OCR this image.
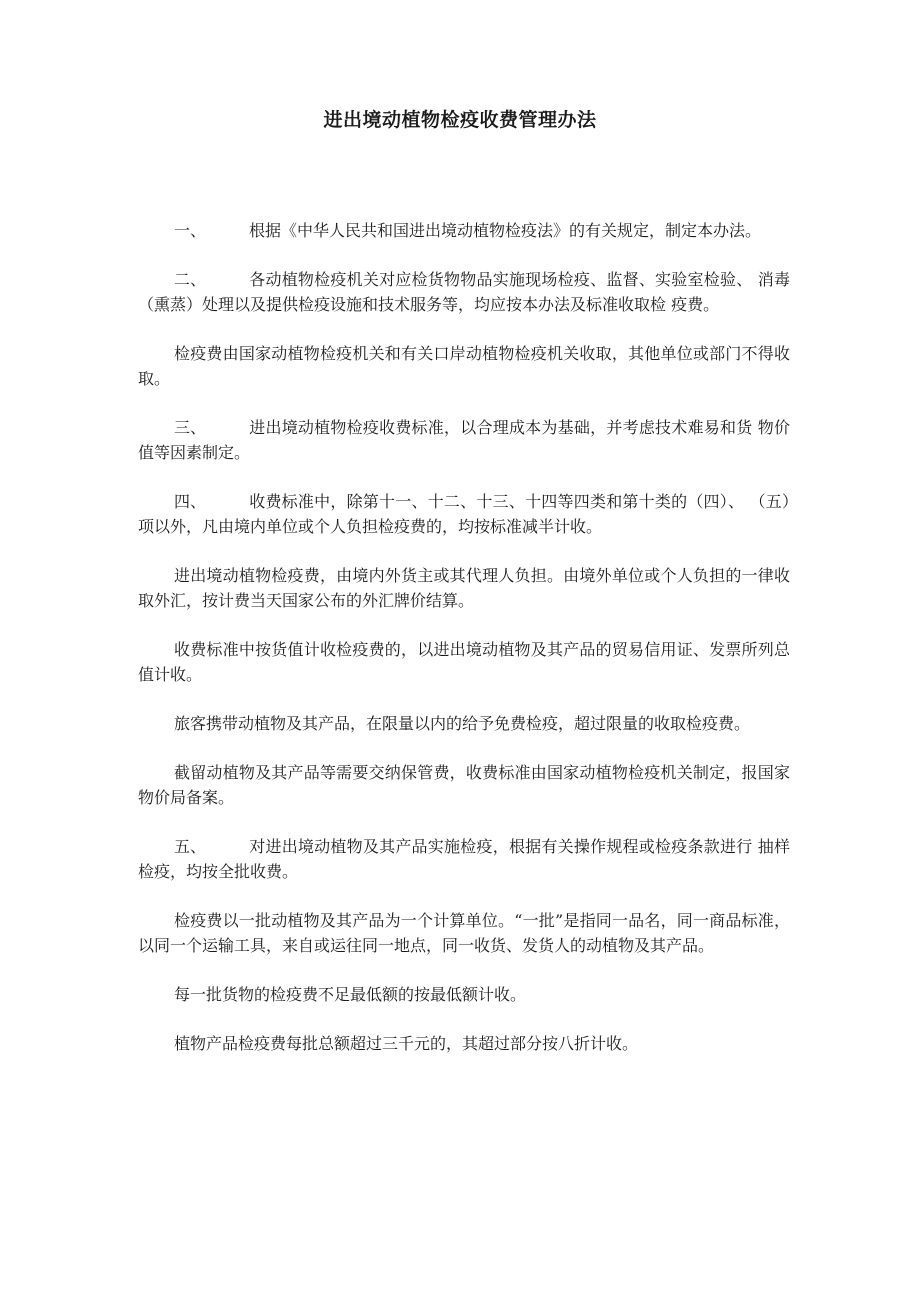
进出境动植物检疫收费管理办法

一、	根据《中华人民共和国进出境动植物检疫法》的有关规定，制定本办法。

二、	各动植物检疫机关对应检货物物品实施现场检疫、监督、实验室检验、 消毒（熏蒸）处理以及提供检疫设施和技术服务等，均应按本办法及标准收取检 疫费。

检疫费由国家动植物检疫机关和有关口岸动植物检疫机关收取，其他单位或部门不得收取。

三、	进出境动植物检疫收费标准，以合理成本为基础，并考虑技术难易和货 物价值等因素制定。

四、	收费标准中，除第十一、十二、十三、十四等四类和第十类的（四）、 （五）项以外，凡由境内单位或个人负担检疫费的，均按标准减半计收。

进出境动植物检疫费，由境内外货主或其代理人负担。由境外单位或个人负担的一律收取外汇，按计费当天国家公布的外汇牌价结算。

收费标准中按货值计收检疫费的，以进出境动植物及其产品的贸易信用证、发票所列总值计收。

旅客携带动植物及其产品，在限量以内的给予免费检疫，超过限量的收取检疫费。

截留动植物及其产品等需要交纳保管费，收费标准由国家动植物检疫机关制定，报国家物价局备案。

五、	对进出境动植物及其产品实施检疫，根据有关操作规程或检疫条款进行 抽样检疫，均按全批收费。

检疫费以一批动植物及其产品为一个计算单位。“一批”是指同一品名，同一商品标准，以同一个运输工具，来自或运往同一地点，同一收货、发货人的动植物及其产品。

每一批货物的检疫费不足最低额的按最低额计收。

植物产品检疫费每批总额超过三千元的，其超过部分按八折计收。
